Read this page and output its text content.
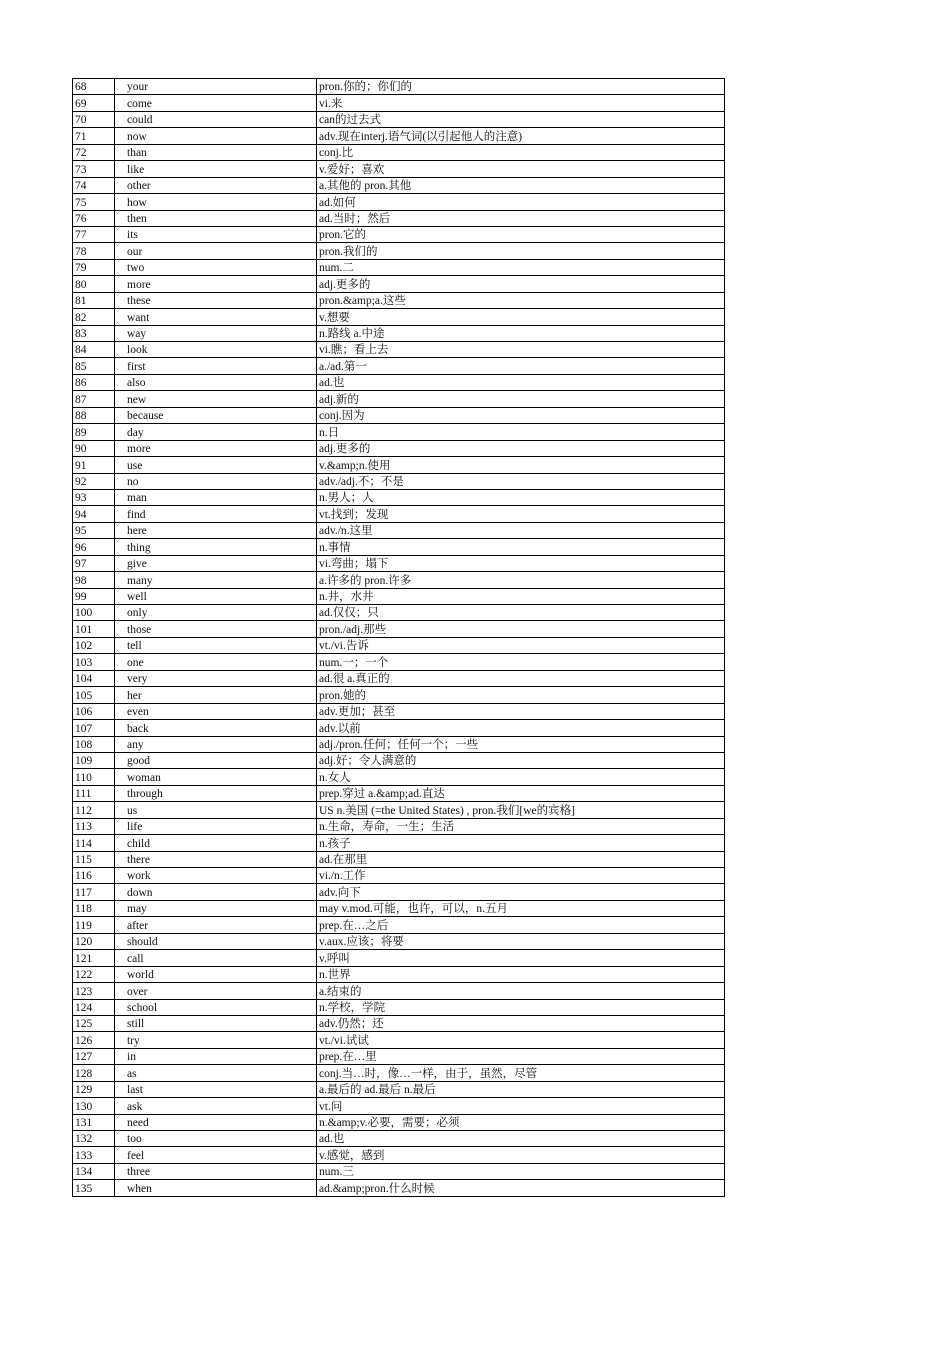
68	your	pron.你的；你们的
69	come	vi.来
70	could	can的过去式
71	now	adv.现在interj.语气词(以引起他人的注意)
72	than	conj.比
73	like	v.爱好；喜欢
74	other	a.其他的 pron.其他
75	how	ad.如何
76	then	ad.当时；然后
77	its	pron.它的
78	our	pron.我们的
79	two	num.二
80	more	adj.更多的
81	these	pron.&amp;a.这些
82	want	v.想要
83	way	n.路线 a.中途
84	look	vi.瞧；看上去
85	first	a./ad.第一
86	also	ad.也
87	new	adj.新的
88	because	conj.因为
89	day	n.日
90	more	adj.更多的
91	use	v.&amp;n.使用
92	no	adv./adj.不；不是
93	man	n.男人；人
94	find	vt.找到；发现
95	here	adv./n.这里
96	thing	n.事情
97	give	vi.弯曲；塌下
98	many	a.许多的 pron.许多
99	well	n.井，水井
100	only	ad.仅仅；只
101	those	pron./adj.那些
102	tell	vt./vi.告诉
103	one	num.一；一个
104	very	ad.很 a.真正的
105	her	pron.她的
106	even	adv.更加；甚至
107	back	adv.以前
108	any	adj./pron.任何；任何一个；一些
109	good	adj.好；令人满意的
110	woman	n.女人
111	through	prep.穿过 a.&amp;ad.直达
112	us	US n.美国 (=the United States) , pron.我们[we的宾格]
113	life	n.生命，寿命，一生；生活
114	child	n.孩子
115	there	ad.在那里
116	work	vi./n.工作
117	down	adv.向下
118	may	may v.mod.可能，也许，可以，n.五月
119	after	prep.在…之后
120	should	v.aux.应该；将要
121	call	v.呼叫
122	world	n.世界
123	over	a.结束的
124	school	n.学校，学院
125	still	adv.仍然；还
126	try	vt./vi.试试
127	in	prep.在…里
128	as	conj.当…时，像…一样，由于，虽然，尽管
129	last	a.最后的 ad.最后 n.最后
130	ask	vt.问
131	need	n.&amp;v.必要，需要；必须
132	too	ad.也
133	feel	v.感觉，感到
134	three	num.三
135	when	ad.&amp;pron.什么时候
